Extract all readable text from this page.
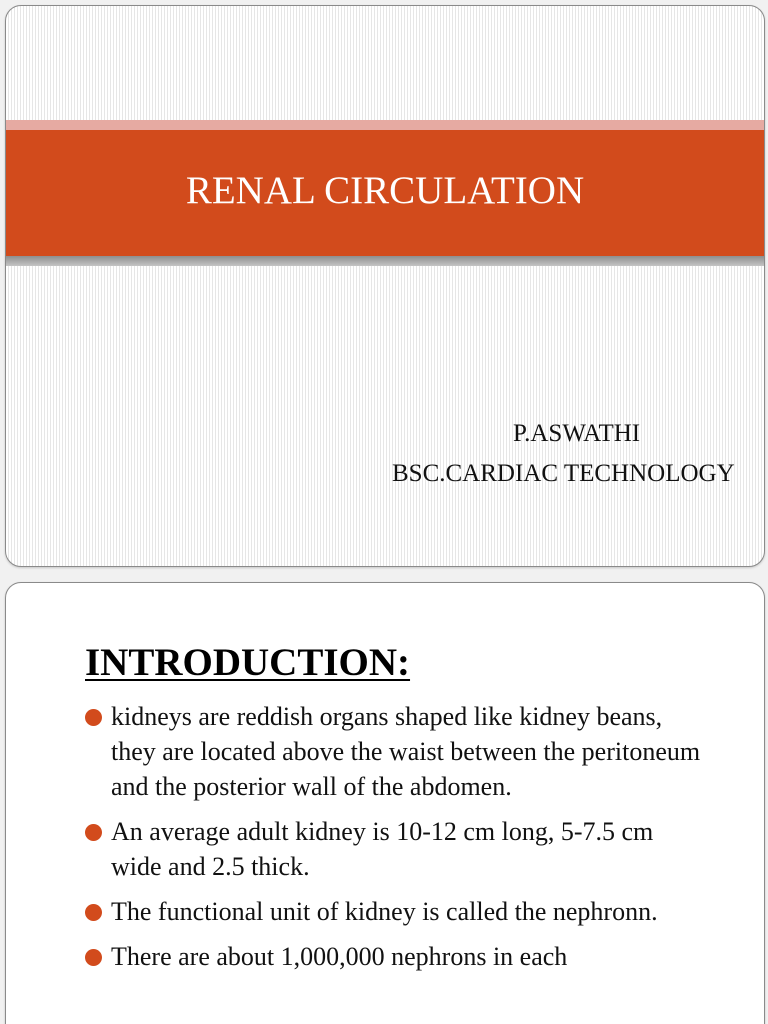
RENAL CIRCULATION
P.ASWATHI
BSC.CARDIAC TECHNOLOGY
INTRODUCTION:
kidneys are reddish organs shaped like kidney beans, they are located above the waist between the peritoneum and the posterior wall of the abdomen.
An average adult kidney is 10-12 cm long, 5-7.5 cm wide and 2.5 thick.
The functional unit of kidney is called the nephronn.
There are about 1,000,000 nephrons in each
